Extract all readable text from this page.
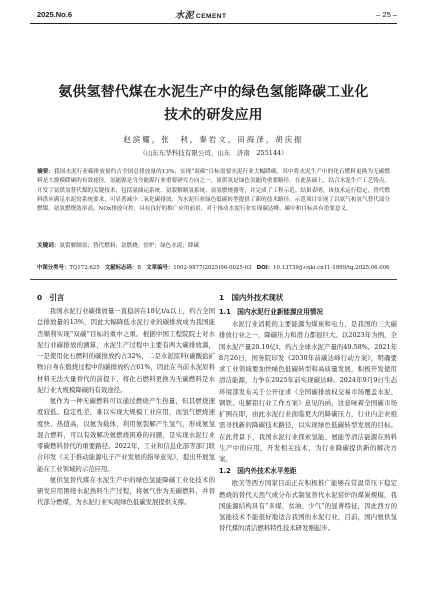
2025.No.6	水泥 CEMENT	– 25 –
氨供氢替代煤在水泥生产中的绿色氢能降碳工业化
技术的研发应用
赵滨耀，张　利，秦岩文，田海泽，胡庆振
（山东东华科技有限公司，山东　济南　255144）
摘要：我国水泥行业碳排放量约占全国总排放量的13%，实现“双碳”目标需要水泥行业大幅降碳，其中将水泥生产中的化石燃料更换为无碳燃料是大规模降碳的有效途径。氢能源是当今能源行业重要研究方向之一，氨供氢是绿色氢能的重要路径。在此基础上，结合水泥生产工艺特点，开发了氨供氢替代煤的关键技术，包括氨储运系统、氨裂解制氢系统、氨氢燃烧器等，并完成了工程示范。结果表明，该技术运行稳定，替代燃料供应满足水泥窑系统要求，可显著减少二氧化碳排放，为水泥行业绿色低碳转型提供了新的技术路径。示范项目实现了以氨气和氢气替代部分燃煤，氨氢燃烧效率高，NOx排放可控，具有良好的推广应用前景，对于推动水泥行业实现碳达峰、碳中和目标具有重要意义。
关键词：氨裂解制氢；替代燃料；氨燃烧；窑炉；绿色水泥；降碳
中图分类号：TQ172.625 文献标志码：B 文章编号：1002-9877(2025)06-0025-03 DOI：10.13739/j.cnki.cn11-1899/tq.2025.06.006
0　引言

我国水泥行业碳排放量一直稳居在18亿t/a以上，约占全国总排放量的13%，因此大幅降低水泥行业的碳排放成为我国能否顺利实现“双碳”目标的重中之重。根据中国工程院院士对水泥行业碳排放的测算，水泥生产过程中主要有两大碳排放源，一是使用化石燃料的碳排放约占32%，二是水泥原料(碳酸盐矿物)自身在煅烧过程中的碳排放约占61%，因此在当前水泥原料材料无法大量替代的前提下，将化石燃料更换为无碳燃料是水泥行业大规模降碳的有效途径。

氨作为一种无碳燃料可以通过燃烧产生热量，但其燃烧速度较低、稳定性差，难以实现大规模工业应用，而氢气燃烧速度快、热值高，以氨为载体，利用氨裂解产生氢气，形成氨氢混合燃料，可以有效解决氨燃烧困难的问题，是实现水泥行业零碳燃料替代的重要路径。2022年，工业和信息化部等部门联合印发《关于推动能源电子产业发展的指导意见》，提出开展氢能在工业领域的示范应用。

氨供氢替代煤在水泥生产中的绿色氢能降碳工业化技术的研发应用围绕水泥熟料生产过程，将氨气作为无碳燃料，并替代部分燃煤，为水泥行业实现绿色低碳发展提供支撑。

1　国内外技术现状
1.1　国内水泥行业新能源应用情况

水泥行业消耗的主要能源为煤炭和电力，是我国的三大碳排放行业之一，降碳压力和潜力都很巨大。以2023年为例，全国水泥产量20.19亿t，约占全球水泥产量的49.58%。2021年8月26日，国务院印发《2030年前碳达峰行动方案》，明确要求工业领域要加快绿色低碳转型和高质量发展，积极开发使用清洁能源，力争在2025年前实现碳达峰。2024年9月9日生态环境部发布关于公开征求《全国碳排放权交易市场覆盖水泥、钢铁、电解铝行业工作方案》意见的函，这意味着全国碳市场扩围在即，由此水泥行业面临更大的降碳压力，行业内企业亟需寻找新的降碳技术路径，以实现绿色低碳转型发展的目标。在此背景下，我国水泥行业探索氢能、氨能等清洁能源在熟料生产中的应用，开发相关技术，为行业降碳提供新的解决方案。

1.2　国内外技术水平差距

欧美等西方国家目前正在积极推广能够在常温常压下稳定燃烧的替代天然气或分布式制氢替代水泥窑炉的煤炭规模，我国能源结构具有“多煤、贫油、少气”的显著特征，因此西方的氢能技术不能很好地适合我国的水泥行业，目前，国内氨供氢替代煤的清洁燃料特性技术研发刚起步。
